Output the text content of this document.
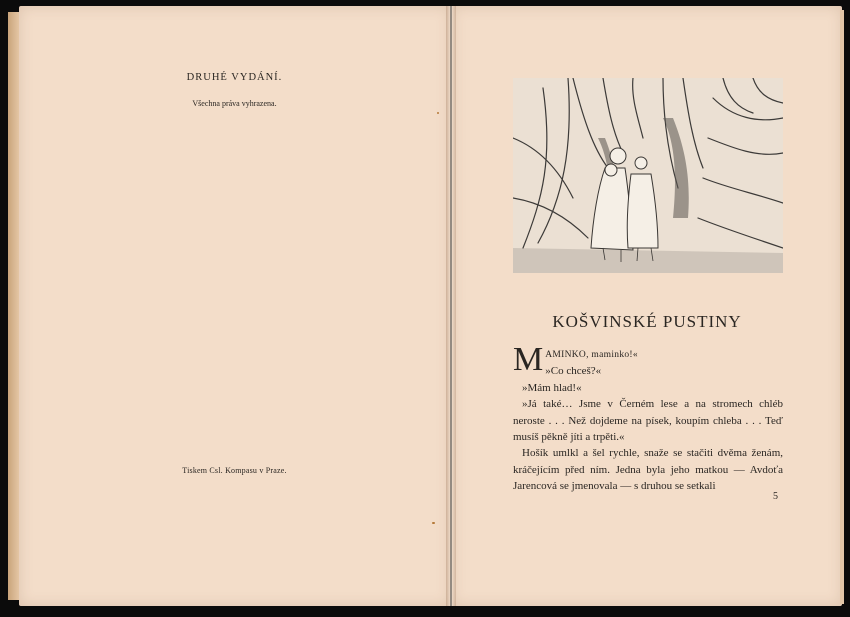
DRUHÉ VYDÁNÍ.
Všechna práva vyhrazena.
Tiskem Csl. Kompasu v Praze.
KOŠVINSKÉ PUSTINY

MAMINKO, maminko!«

»Co chceš?«

»Mám hlad!«

»Já také… Jsme v Černém lese a na stromech chléb neroste . . . Než dojdeme na písek, koupím chleba . . . Teď musíš pěkně jíti a trpěti.«

Hošík umlkl a šel rychle, snaže se stačiti dvěma ženám, kráčejícím před ním. Jedna byla jeho matkou — Avdoťa Jarencová se jmenovala — s druhou se setkali

5
